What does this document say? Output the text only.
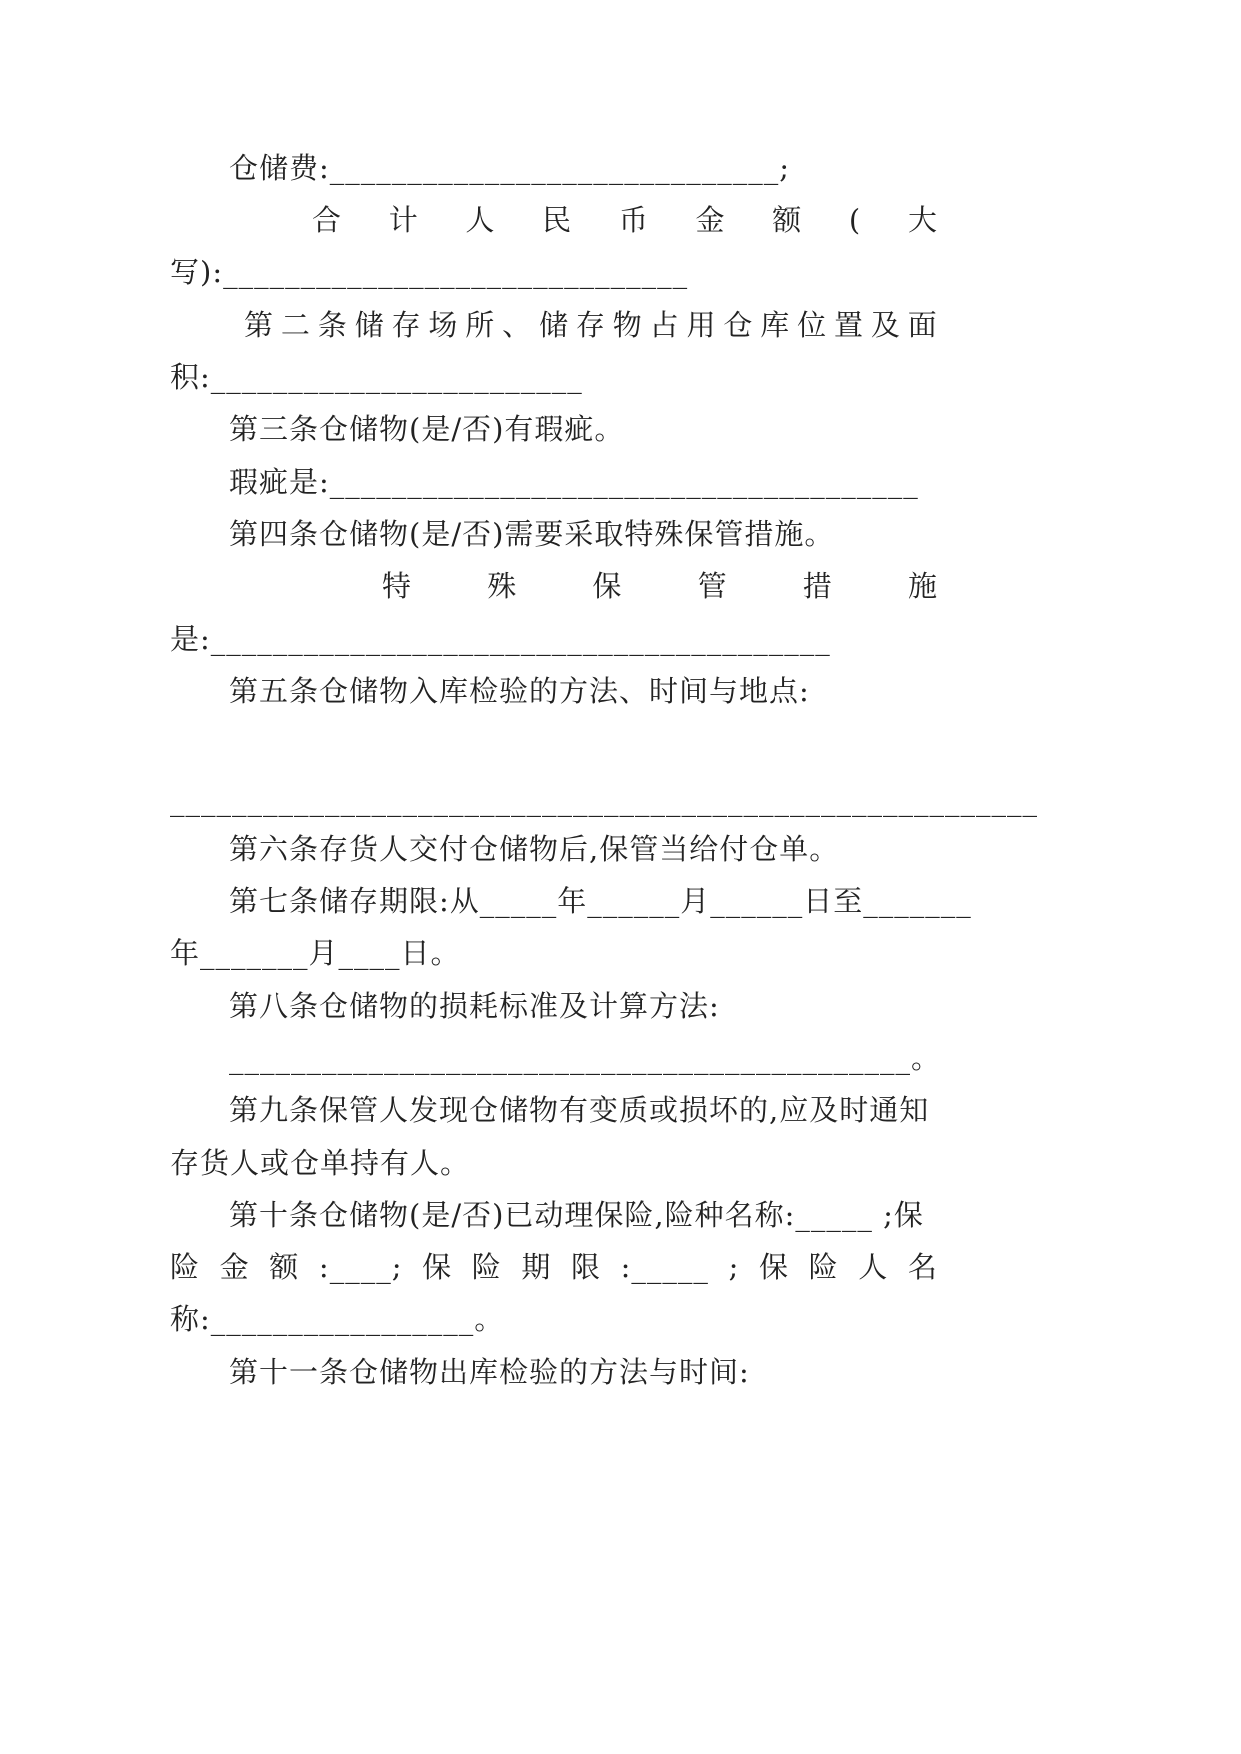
仓储费:_____________________________;
合 计 人 民 币 金 额 ( 大
写):______________________________
第 二 条 储 存 场 所 、 储 存 物 占 用 仓 库 位 置 及 面
积:________________________
第三条仓储物(是/否)有瑕疵。
瑕疵是:______________________________________
第四条仓储物(是/否)需要采取特殊保管措施。
特	殊	保	管	措	施
是:________________________________________
第五条仓储物入库检验的方法、时间与地点:
________________________________________________________
第六条存货人交付仓储物后,保管当给付仓单。
第七条储存期限:从_____年______月______日至_______
年_______月____日。
第八条仓储物的损耗标准及计算方法:
____________________________________________。
第九条保管人发现仓储物有变质或损坏的,应及时通知
存货人或仓单持有人。
第十条仓储物(是/否)已动理保险,险种名称:_____ ;保
险 金 额 :____; 保 险 期 限 :_____ ; 保 险 人 名
称:_________________。
第十一条仓储物出库检验的方法与时间:
